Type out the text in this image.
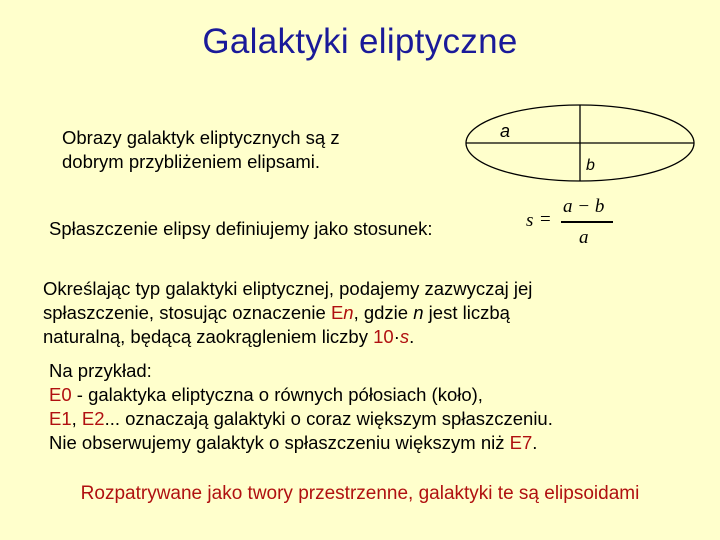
Galaktyki eliptyczne
Obrazy galaktyk eliptycznych są z
dobrym przybliżeniem elipsami.
a
b
Spłaszczenie elipsy definiujemy jako stosunek:	s =
a − b
a
Określając typ galaktyki eliptycznej, podajemy zazwyczaj jej
spłaszczenie, stosując oznaczenie En, gdzie n jest liczbą
naturalną, będącą zaokrągleniem liczby 10·s.
Na przykład:
E0 - galaktyka eliptyczna o równych półosiach (koło),
E1, E2... oznaczają galaktyki o coraz większym spłaszczeniu.
Nie obserwujemy galaktyk o spłaszczeniu większym niż E7.
Rozpatrywane jako twory przestrzenne, galaktyki te są elipsoidami
